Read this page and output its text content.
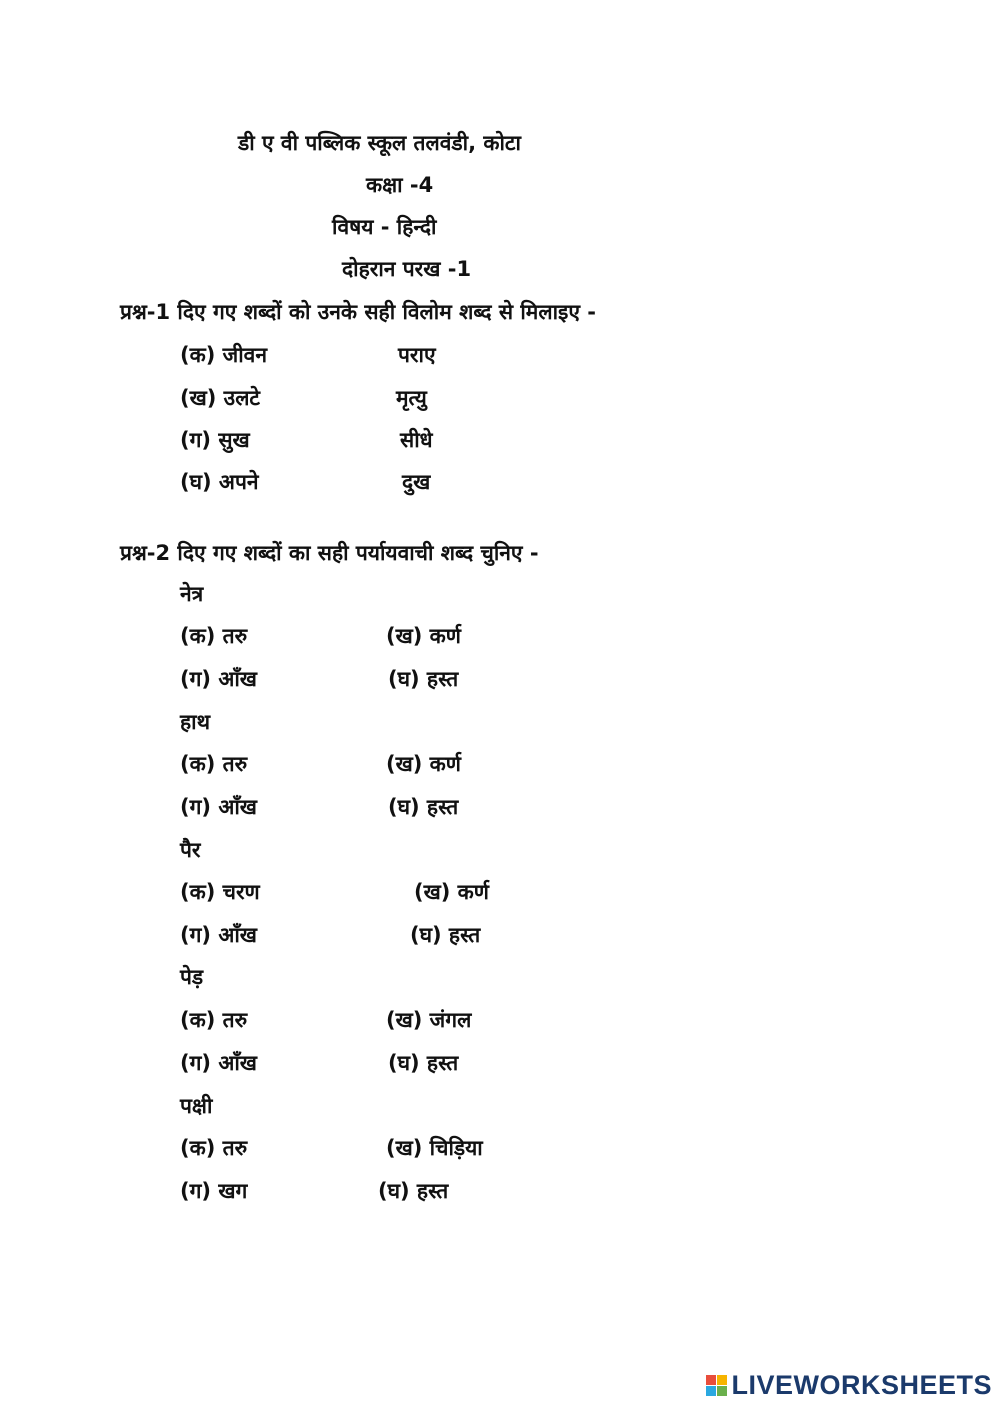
डी ए वी पब्लिक स्कूल तलवंडी, कोटा
कक्षा -4
विषय - हिन्दी
दोहरान परख -1
प्रश्न-1 दिए गए शब्दों को उनके सही विलोम शब्द से मिलाइए -
(क) जीवन	पराए
(ख) उलटे	मृत्यु
(ग) सुख	सीधे
(घ) अपने	दुख
प्रश्न-2 दिए गए शब्दों का सही पर्यायवाची शब्द चुनिए -
नेत्र
(क) तरु	(ख) कर्ण
(ग) आँख	(घ) हस्त
हाथ
(क) तरु	(ख) कर्ण
(ग) आँख	(घ) हस्त
पैर
(क) चरण	(ख) कर्ण
(ग) आँख	(घ) हस्त
पेड़
(क) तरु	(ख) जंगल
(ग) आँख	(घ) हस्त
पक्षी
(क) तरु	(ख) चिड़िया
(ग) खग	(घ) हस्त
LIVEWORKSHEETS
